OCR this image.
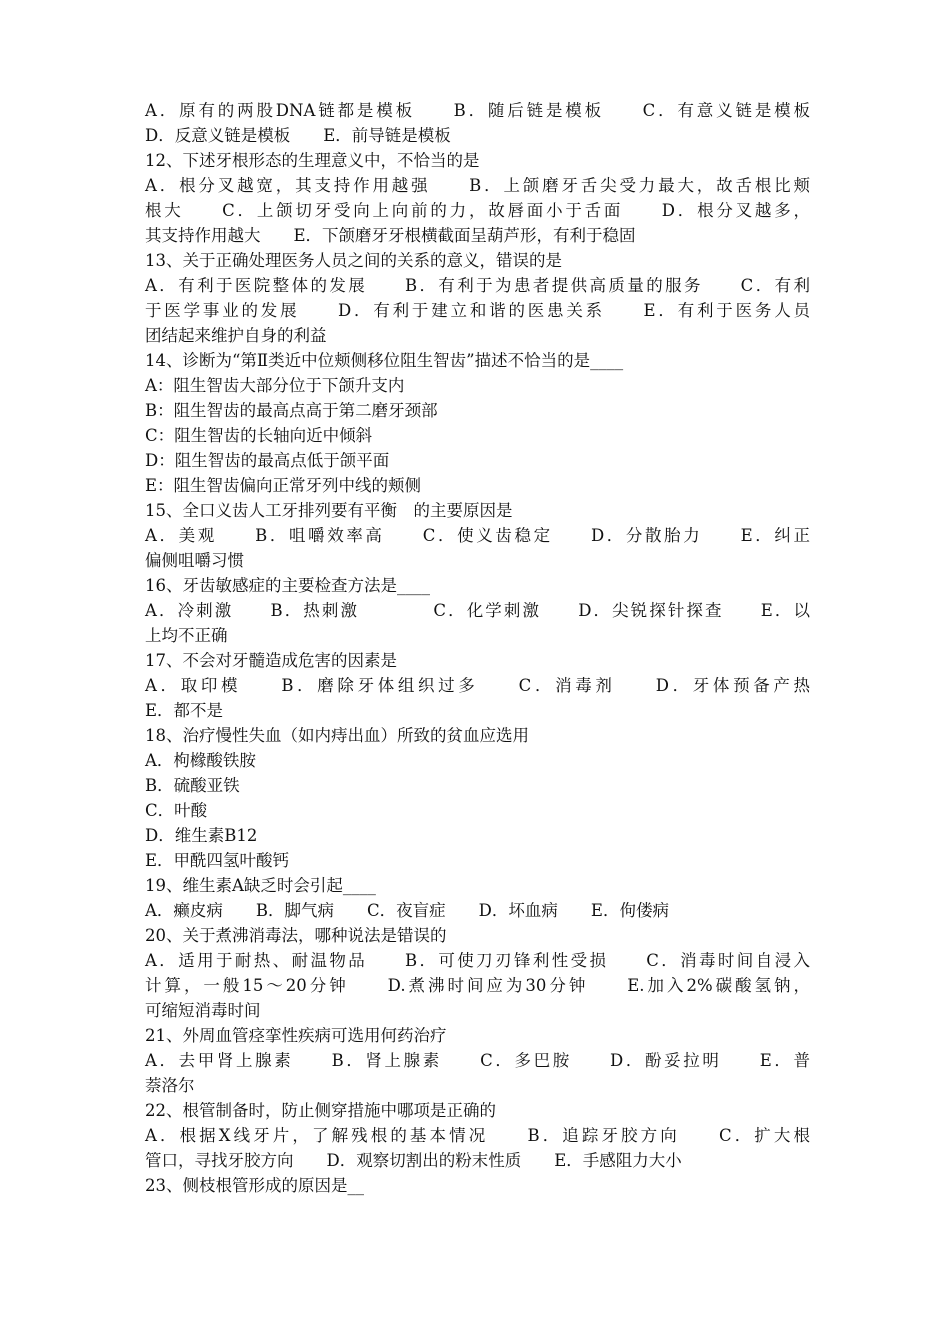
A．原有的两股DNA链都是模板　　B．随后链是模板　　C．有意义链是模板
D．反意义链是模板　　E．前导链是模板
12、下述牙根形态的生理意义中，不恰当的是
A．根分叉越宽，其支持作用越强　　B．上颌磨牙舌尖受力最大，故舌根比颊
根大　　C．上颌切牙受向上向前的力，故唇面小于舌面　　D．根分叉越多，
其支持作用越大　　E．下颌磨牙牙根横截面呈葫芦形，有利于稳固
13、关于正确处理医务人员之间的关系的意义，错误的是
A．有利于医院整体的发展　　B．有利于为患者提供高质量的服务　　C．有利
于医学事业的发展　　D．有利于建立和谐的医患关系　　E．有利于医务人员
团结起来维护自身的利益
14、诊断为“第Ⅱ类近中位颊侧移位阻生智齿”描述不恰当的是____
A：阻生智齿大部分位于下颌升支内
B：阻生智齿的最高点高于第二磨牙颈部
C：阻生智齿的长轴向近中倾斜
D：阻生智齿的最高点低于颌平面
E：阻生智齿偏向正常牙列中线的颊侧
15、全口义齿人工牙排列要有平衡　的主要原因是
A．美观　　B．咀嚼效率高　　C．使义齿稳定　　D．分散胎力　　E．纠正
偏侧咀嚼习惯
16、牙齿敏感症的主要检查方法是____
A．冷刺激　　B．热刺激　　　　C．化学刺激　　D．尖锐探针探查　　E．以
上均不正确
17、不会对牙髓造成危害的因素是
A．取印模　　B．磨除牙体组织过多　　C．消毒剂　　D．牙体预备产热
E．都不是
18、治疗慢性失血（如内痔出血）所致的贫血应选用
A．枸橼酸铁胺
B．硫酸亚铁
C．叶酸
D．维生素B12
E．甲酰四氢叶酸钙
19、维生素A缺乏时会引起____
A．癞皮病　　B．脚气病　　C．夜盲症　　D．坏血病　　E．佝偻病
20、关于煮沸消毒法，哪种说法是错误的
A．适用于耐热、耐温物品　　B．可使刀刃锋利性受损　　C．消毒时间自浸入
计算，一般15～20分钟　　D.煮沸时间应为30分钟　　E.加入2%碳酸氢钠，
可缩短消毒时间
21、外周血管痉挛性疾病可选用何药治疗
A．去甲肾上腺素　　B．肾上腺素　　C．多巴胺　　D．酚妥拉明　　E．普
萘洛尔
22、根管制备时，防止侧穿措施中哪项是正确的
A．根据X线牙片，了解残根的基本情况　　B．追踪牙胶方向　　C．扩大根
管口，寻找牙胶方向　　D．观察切割出的粉末性质　　E．手感阻力大小
23、侧枝根管形成的原因是__
